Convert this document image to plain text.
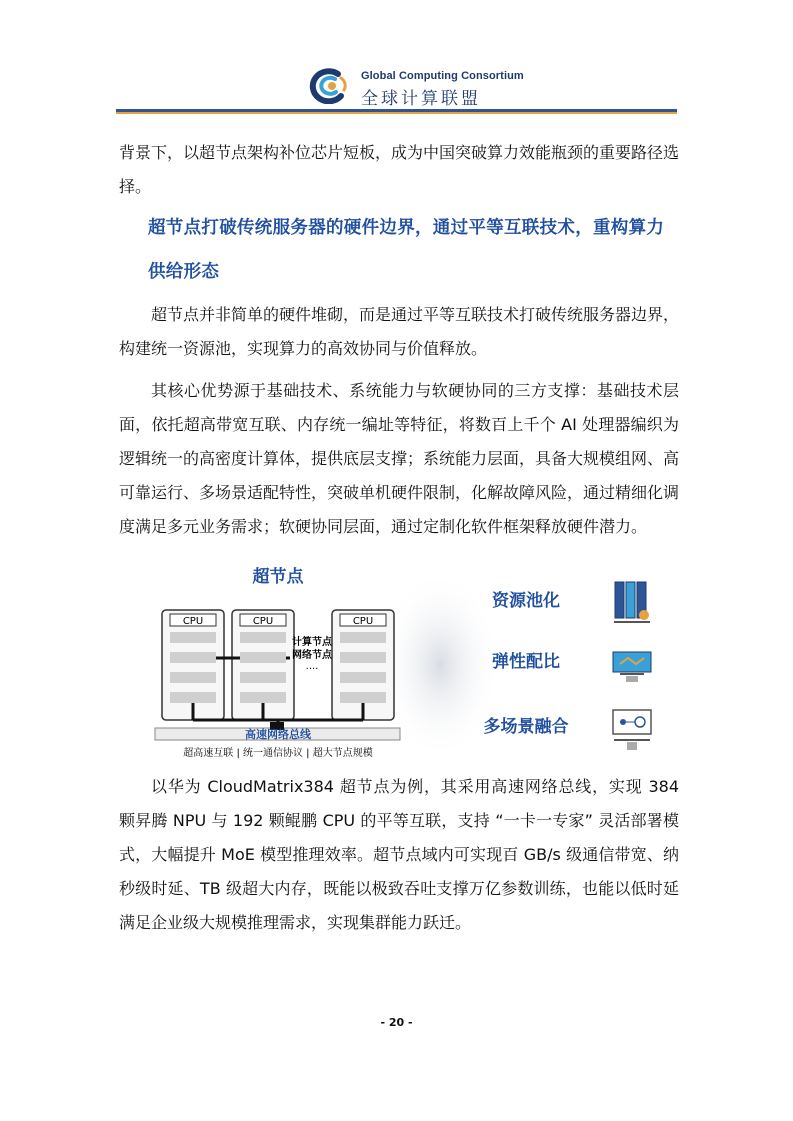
Global Computing Consortium
全球计算联盟

背景下，以超节点架构补位芯片短板，成为中国突破算力效能瓶颈的重要路径选择。

超节点打破传统服务器的硬件边界，通过平等互联技术，重构算力供给形态

超节点并非简单的硬件堆砌，而是通过平等互联技术打破传统服务器边界，构建统一资源池，实现算力的高效协同与价值释放。

其核心优势源于基础技术、系统能力与软硬协同的三方支撑：基础技术层面，依托超高带宽互联、内存统一编址等特征，将数百上千个 AI 处理器编织为逻辑统一的高密度计算体，提供底层支撑；系统能力层面，具备大规模组网、高可靠运行、多场景适配特性，突破单机硬件限制，化解故障风险，通过精细化调度满足多元业务需求；软硬协同层面，通过定制化软件框架释放硬件潜力。

超节点
CPU	CPU
计算节点
网络节点
....
CPU
高速网络总线
超高速互联 | 统一通信协议 | 超大节点规模
资源池化
弹性配比
多场景融合

以华为 CloudMatrix384 超节点为例，其采用高速网络总线，实现 384 颗昇腾 NPU 与 192 颗鲲鹏 CPU 的平等互联，支持 “一卡一专家” 灵活部署模式，大幅提升 MoE 模型推理效率。超节点域内可实现百 GB/s 级通信带宽、纳秒级时延、TB 级超大内存，既能以极致吞吐支撑万亿参数训练，也能以低时延满足企业级大规模推理需求，实现集群能力跃迁。

- 20 -
